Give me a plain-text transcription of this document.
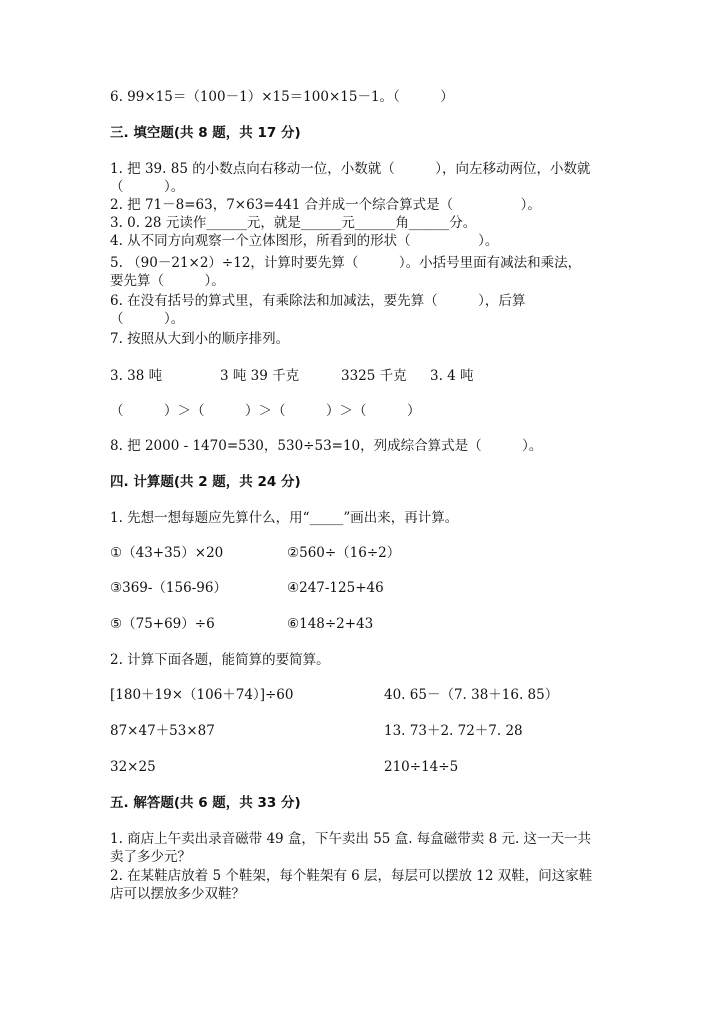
6. 99×15＝（100－1）×15＝100×15－1。（　　　）
三. 填空题(共 8 题，共 17 分)
1. 把 39. 85 的小数点向右移动一位，小数就（　　　），向左移动两位，小数就
（　　　）。
2. 把 71－8=63，7×63=441 合并成一个综合算式是（　　　　　）。
3. 0. 28 元读作______元，就是______元______角______分。
4. 从不同方向观察一个立体图形，所看到的形状（　　　　　）。
5. （90－21×2）÷12，计算时要先算（　　　）。小括号里面有减法和乘法，
要先算（　　　）。
6. 在没有括号的算式里，有乘除法和加减法，要先算（　　　），后算
（　　　）。
7. 按照从大到小的顺序排列。
3. 38 吨	3 吨 39 千克	3325 千克 3. 4 吨
（　　　）＞（　　　）＞（　　　）＞（　　　）
8. 把 2000 - 1470=530，530÷53=10，列成综合算式是（　　　）。
四. 计算题(共 2 题，共 24 分)
1. 先想一想每题应先算什么，用“_____”画出来，再计算。
①（43+35）×20	②560÷（16÷2）
③369-（156-96）	④247-125+46
⑤（75+69）÷6	⑥148÷2+43
2. 计算下面各题，能简算的要简算。
[180＋19×（106＋74）]÷60	40. 65－（7. 38＋16. 85）
87×47＋53×87	13. 73＋2. 72＋7. 28
32×25	210÷14÷5
五. 解答题(共 6 题，共 33 分)
1. 商店上午卖出录音磁带 49 盒，下午卖出 55 盒. 每盒磁带卖 8 元. 这一天一共
卖了多少元？
2. 在某鞋店放着 5 个鞋架，每个鞋架有 6 层，每层可以摆放 12 双鞋，问这家鞋
店可以摆放多少双鞋？
